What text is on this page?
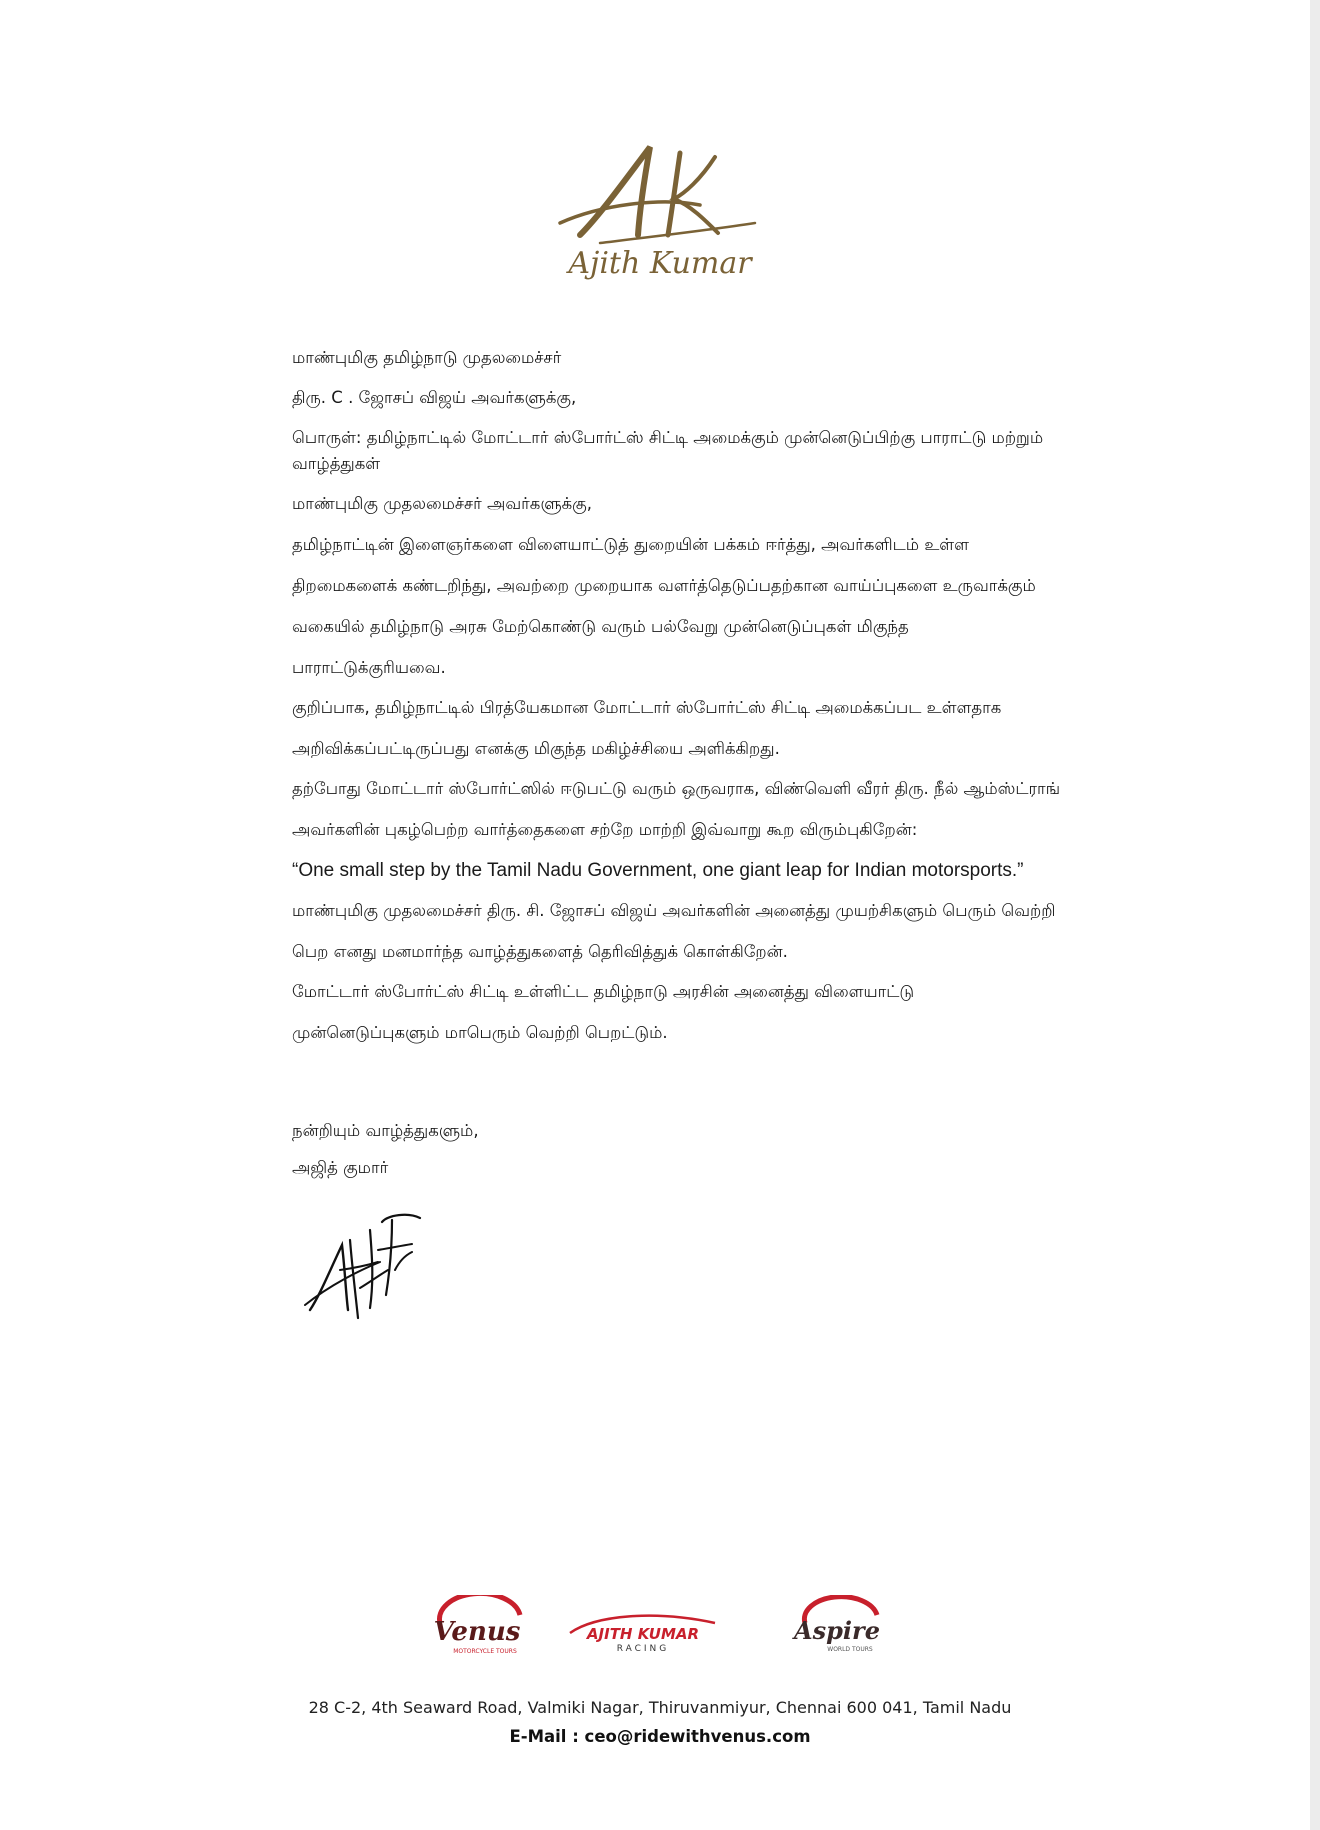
Ajith Kumar

மாண்புமிகு தமிழ்நாடு முதலமைச்சர்

திரு. C . ஜோசப் விஜய் அவர்களுக்கு,

பொருள்: தமிழ்நாட்டில் மோட்டார் ஸ்போர்ட்ஸ் சிட்டி அமைக்கும் முன்னெடுப்பிற்கு பாராட்டு மற்றும் வாழ்த்துகள்

மாண்புமிகு முதலமைச்சர் அவர்களுக்கு,

தமிழ்நாட்டின் இளைஞர்களை விளையாட்டுத் துறையின் பக்கம் ஈர்த்து, அவர்களிடம் உள்ள

திறமைகளைக் கண்டறிந்து, அவற்றை முறையாக வளர்த்தெடுப்பதற்கான வாய்ப்புகளை உருவாக்கும்

வகையில் தமிழ்நாடு அரசு மேற்கொண்டு வரும் பல்வேறு முன்னெடுப்புகள் மிகுந்த

பாராட்டுக்குரியவை.

குறிப்பாக, தமிழ்நாட்டில் பிரத்யேகமான மோட்டார் ஸ்போர்ட்ஸ் சிட்டி அமைக்கப்பட உள்ளதாக

அறிவிக்கப்பட்டிருப்பது எனக்கு மிகுந்த மகிழ்ச்சியை அளிக்கிறது.

தற்போது மோட்டார் ஸ்போர்ட்ஸில் ஈடுபட்டு வரும் ஒருவராக, விண்வெளி வீரர் திரு. நீல் ஆம்ஸ்ட்ராங்

அவர்களின் புகழ்பெற்ற வார்த்தைகளை சற்றே மாற்றி இவ்வாறு கூற விரும்புகிறேன்:

“One small step by the Tamil Nadu Government, one giant leap for Indian motorsports.”

மாண்புமிகு முதலமைச்சர் திரு. சி. ஜோசப் விஜய் அவர்களின் அனைத்து முயற்சிகளும் பெரும் வெற்றி

பெற எனது மனமார்ந்த வாழ்த்துகளைத் தெரிவித்துக் கொள்கிறேன்.

மோட்டார் ஸ்போர்ட்ஸ் சிட்டி உள்ளிட்ட தமிழ்நாடு அரசின் அனைத்து விளையாட்டு

முன்னெடுப்புகளும் மாபெரும் வெற்றி பெறட்டும்.

நன்றியும் வாழ்த்துகளும்,

அஜித் குமார்

Venus
MOTORCYCLE TOURS
AJITH KUMAR
RACING
Aspire
WORLD TOURS
28 C-2, 4th Seaward Road, Valmiki Nagar, Thiruvanmiyur, Chennai 600 041, Tamil Nadu
E-Mail : ceo@ridewithvenus.com
